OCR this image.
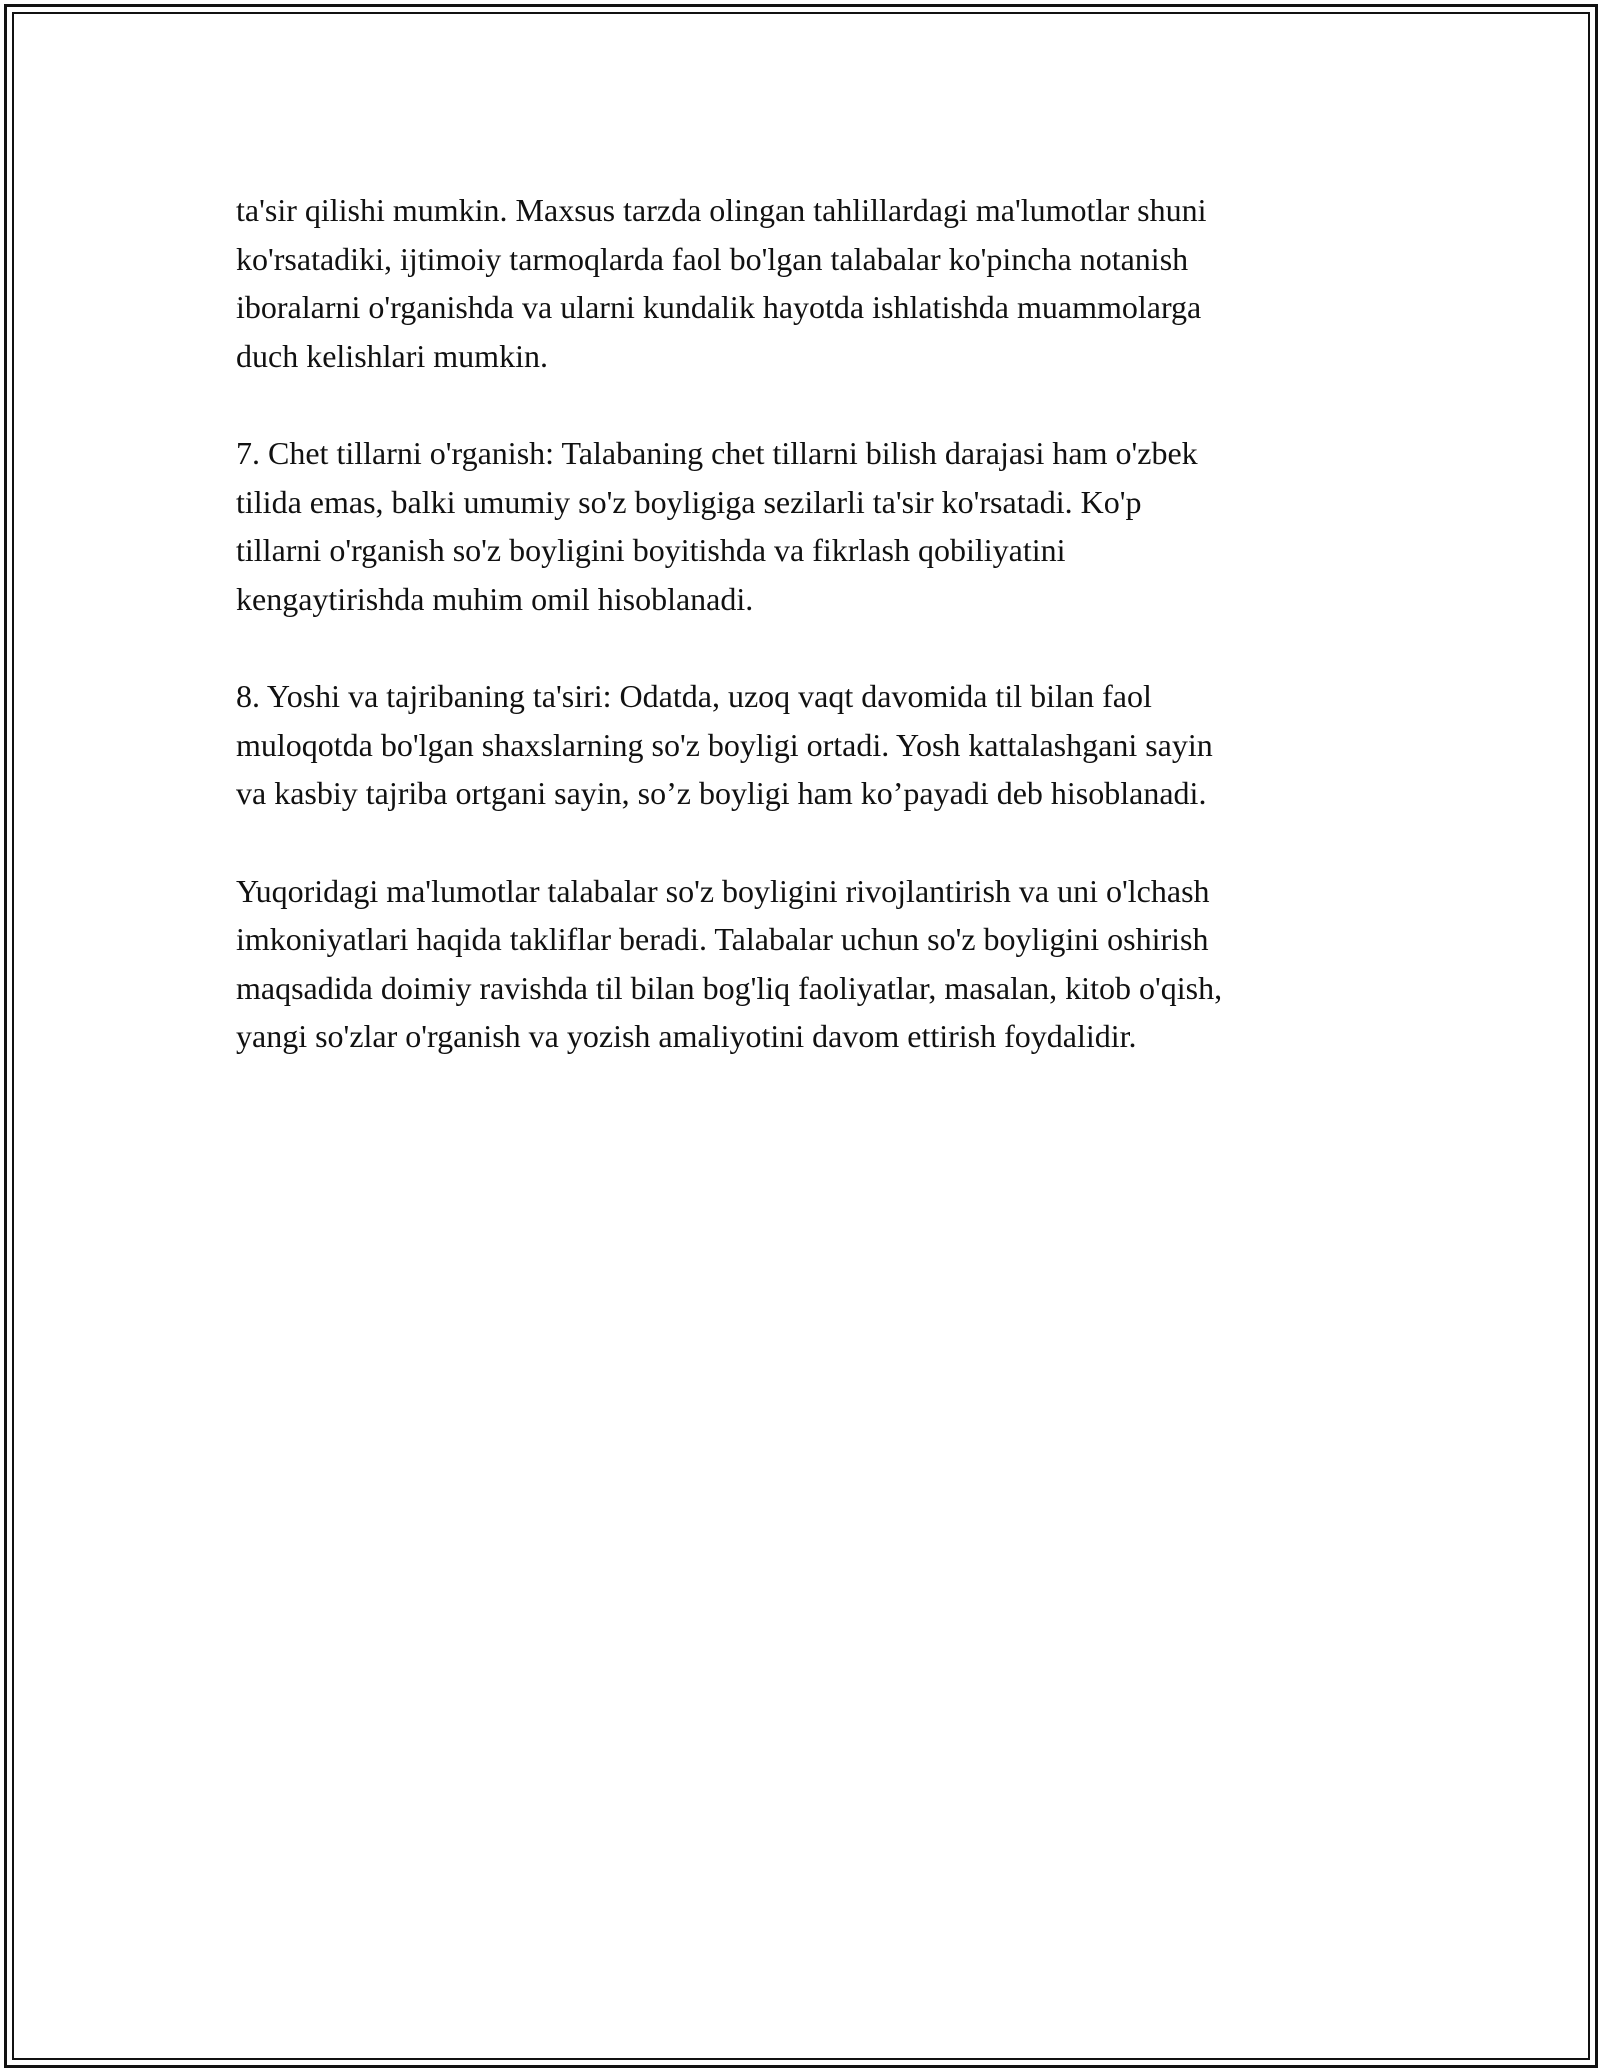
ta'sir qilishi mumkin. Maxsus tarzda olingan tahlillardagi ma'lumotlar shuni
ko'rsatadiki, ijtimoiy tarmoqlarda faol bo'lgan talabalar ko'pincha notanish
iboralarni o'rganishda va ularni kundalik hayotda ishlatishda muammolarga
duch kelishlari mumkin.

7. Chet tillarni o'rganish: Talabaning chet tillarni bilish darajasi ham o'zbek
tilida emas, balki umumiy so'z boyligiga sezilarli ta'sir ko'rsatadi. Ko'p
tillarni o'rganish so'z boyligini boyitishda va fikrlash qobiliyatini
kengaytirishda muhim omil hisoblanadi.

8. Yoshi va tajribaning ta'siri: Odatda, uzoq vaqt davomida til bilan faol
muloqotda bo'lgan shaxslarning so'z boyligi ortadi. Yosh kattalashgani sayin
va kasbiy tajriba ortgani sayin, so’z boyligi ham ko’payadi deb hisoblanadi.

Yuqoridagi ma'lumotlar talabalar so'z boyligini rivojlantirish va uni o'lchash
imkoniyatlari haqida takliflar beradi. Talabalar uchun so'z boyligini oshirish
maqsadida doimiy ravishda til bilan bog'liq faoliyatlar, masalan, kitob o'qish,
yangi so'zlar o'rganish va yozish amaliyotini davom ettirish foydalidir.
